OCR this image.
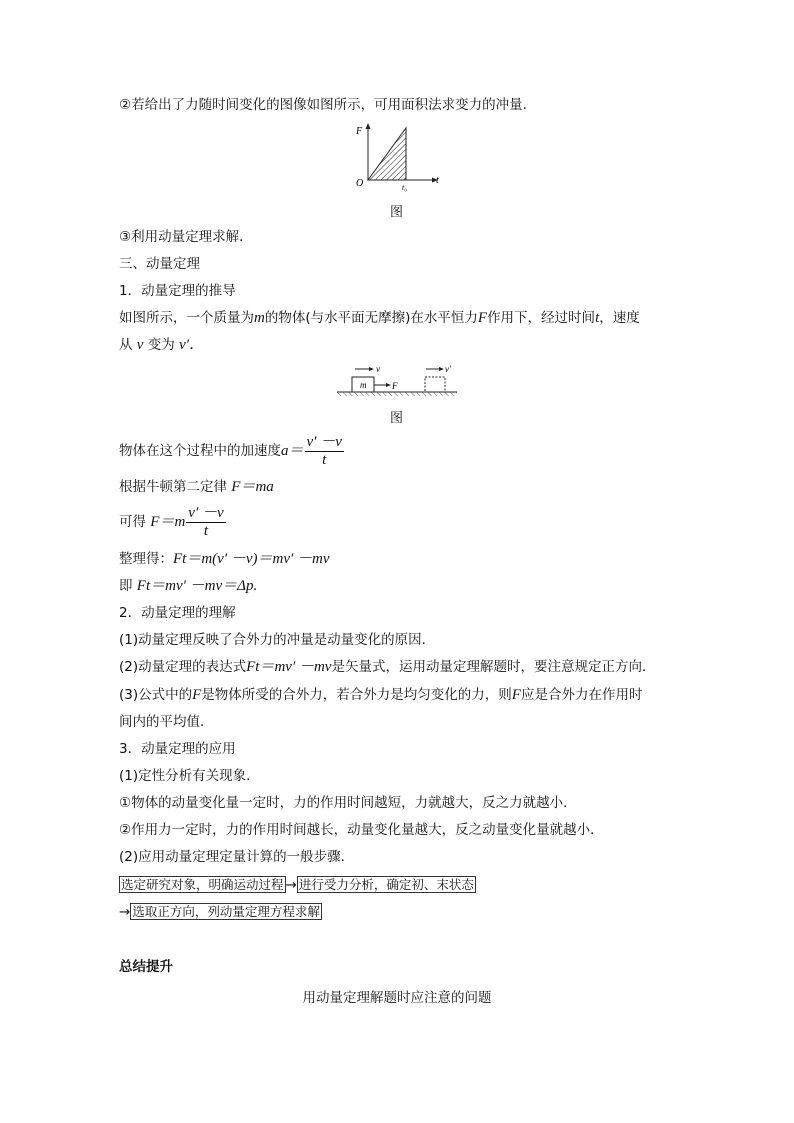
②若给出了力随时间变化的图像如图所示，可用面积法求变力的冲量．
F
t
O	t₀
图
③利用动量定理求解．
三、动量定理
1．动量定理的推导
如图所示，一个质量为m的物体(与水平面无摩擦)在水平恒力F作用下，经过时间t，速度
从 v 变为 v′．
m	F
v	v′
图
物体在这个过程中的加速度$a= \frac{v' -v}{t}$
根据牛顿第二定律 F＝ma
可得 $F=m \frac{v' -v}{t}$
整理得：Ft＝m(v′ －v)＝mv′ －mv
即 Ft＝mv′ －mv＝Δp.
2．动量定理的理解
(1)动量定理反映了合外力的冲量是动量变化的原因．
(2)动量定理的表达式Ft＝mv′ －mv是矢量式，运用动量定理解题时，要注意规定正方向．
(3)公式中的F是物体所受的合外力，若合外力是均匀变化的力，则F应是合外力在作用时
间内的平均值．
3．动量定理的应用
(1)定性分析有关现象．
①物体的动量变化量一定时，力的作用时间越短，力就越大，反之力就越小．
②作用力一定时，力的作用时间越长，动量变化量越大，反之动量变化量就越小．
(2)应用动量定理定量计算的一般步骤．
选定研究对象，明确运动过程 → 进行受力分析，确定初、末状态
→ 选取正方向，列动量定理方程求解
总结提升
用动量定理解题时应注意的问题
